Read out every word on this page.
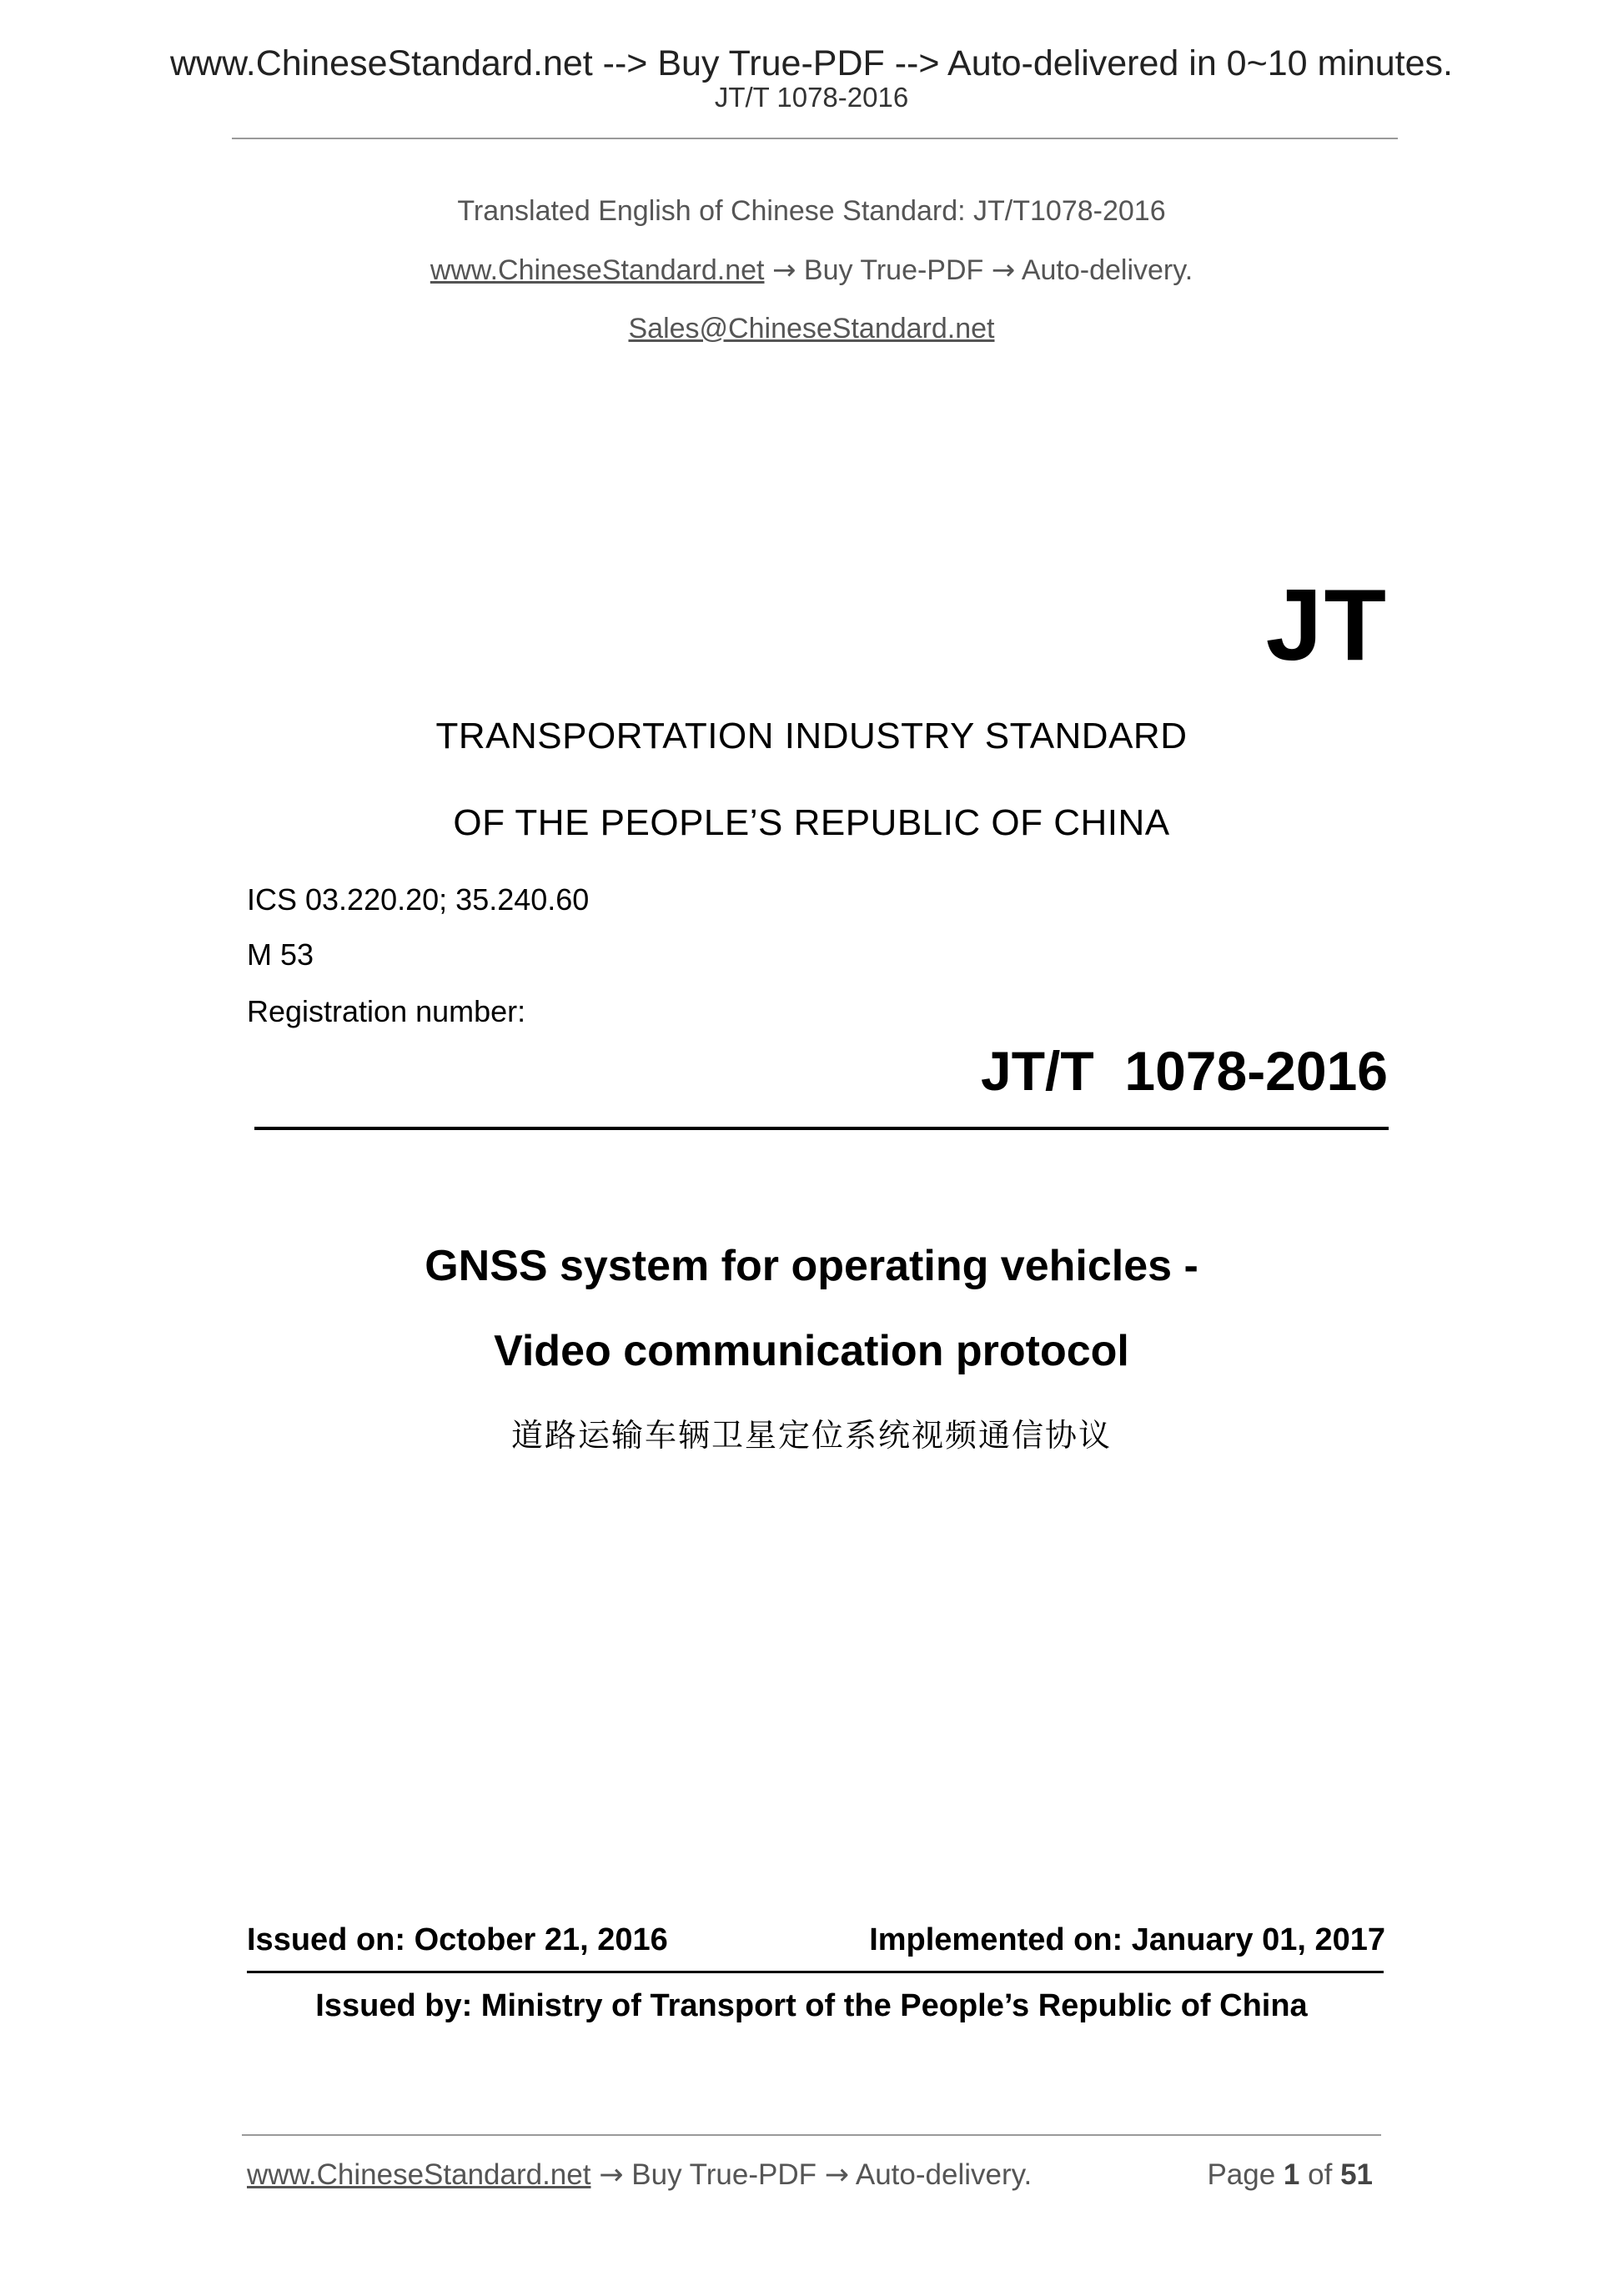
www.ChineseStandard.net --> Buy True-PDF --> Auto-delivered in 0~10 minutes.
JT/T 1078-2016
Translated English of Chinese Standard: JT/T1078-2016
www.ChineseStandard.net → Buy True-PDF → Auto-delivery.
Sales@ChineseStandard.net
JT
TRANSPORTATION INDUSTRY STANDARD
OF THE PEOPLE’S REPUBLIC OF CHINA
ICS 03.220.20; 35.240.60
M 53
Registration number:
JT/T  1078-2016
GNSS system for operating vehicles -
Video communication protocol
道路运输车辆卫星定位系统视频通信协议
Issued on: October 21, 2016	Implemented on: January 01, 2017
Issued by: Ministry of Transport of the People’s Republic of China
www.ChineseStandard.net → Buy True-PDF → Auto-delivery.	Page 1 of 51
